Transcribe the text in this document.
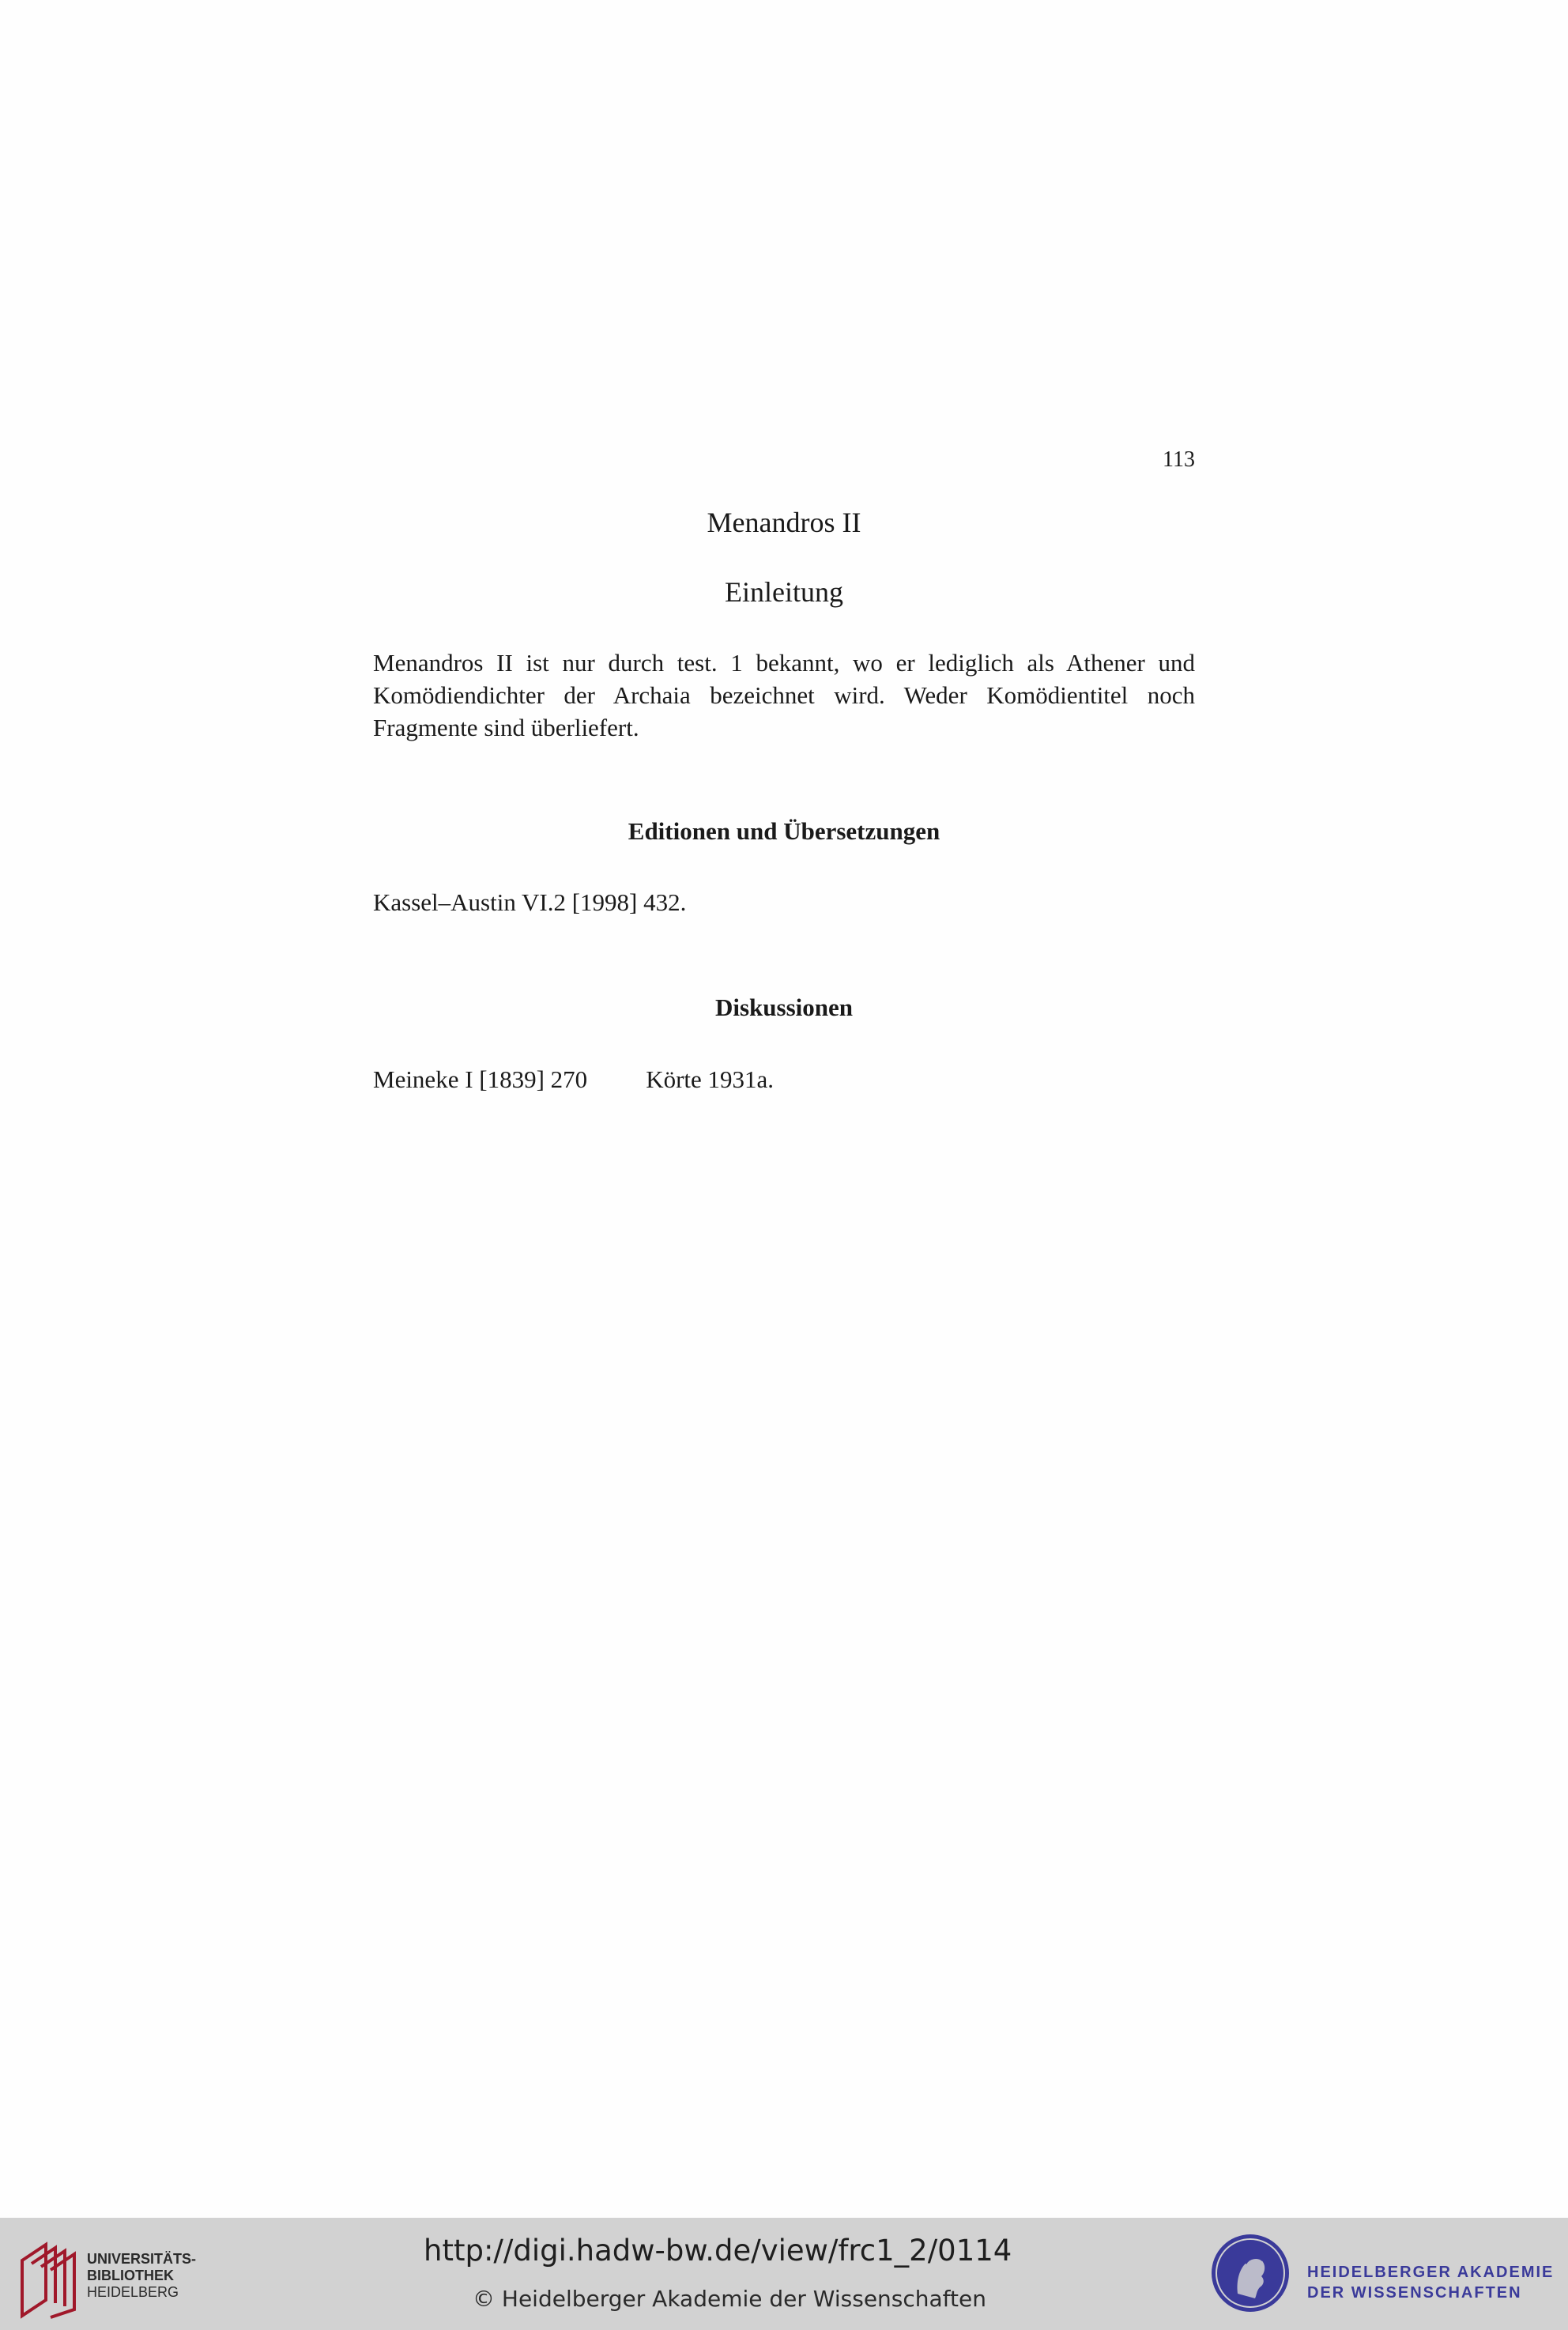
113
Menandros II
Einleitung
Menandros II ist nur durch test. 1 bekannt, wo er lediglich als Athener und Komödiendichter der Archaia bezeichnet wird. Weder Komödientitel noch Fragmente sind überliefert.
Editionen und Übersetzungen
Kassel–Austin VI.2 [1998] 432.
Diskussionen
Meineke I [1839] 270 Körte 1931a.
UNIVERSITÄTS-
BIBLIOTHEK
HEIDELBERG
http://digi.hadw-bw.de/view/frc1_2/0114
© Heidelberger Akademie der Wissenschaften
HEIDELBERGER AKADEMIE
DER WISSENSCHAFTEN
